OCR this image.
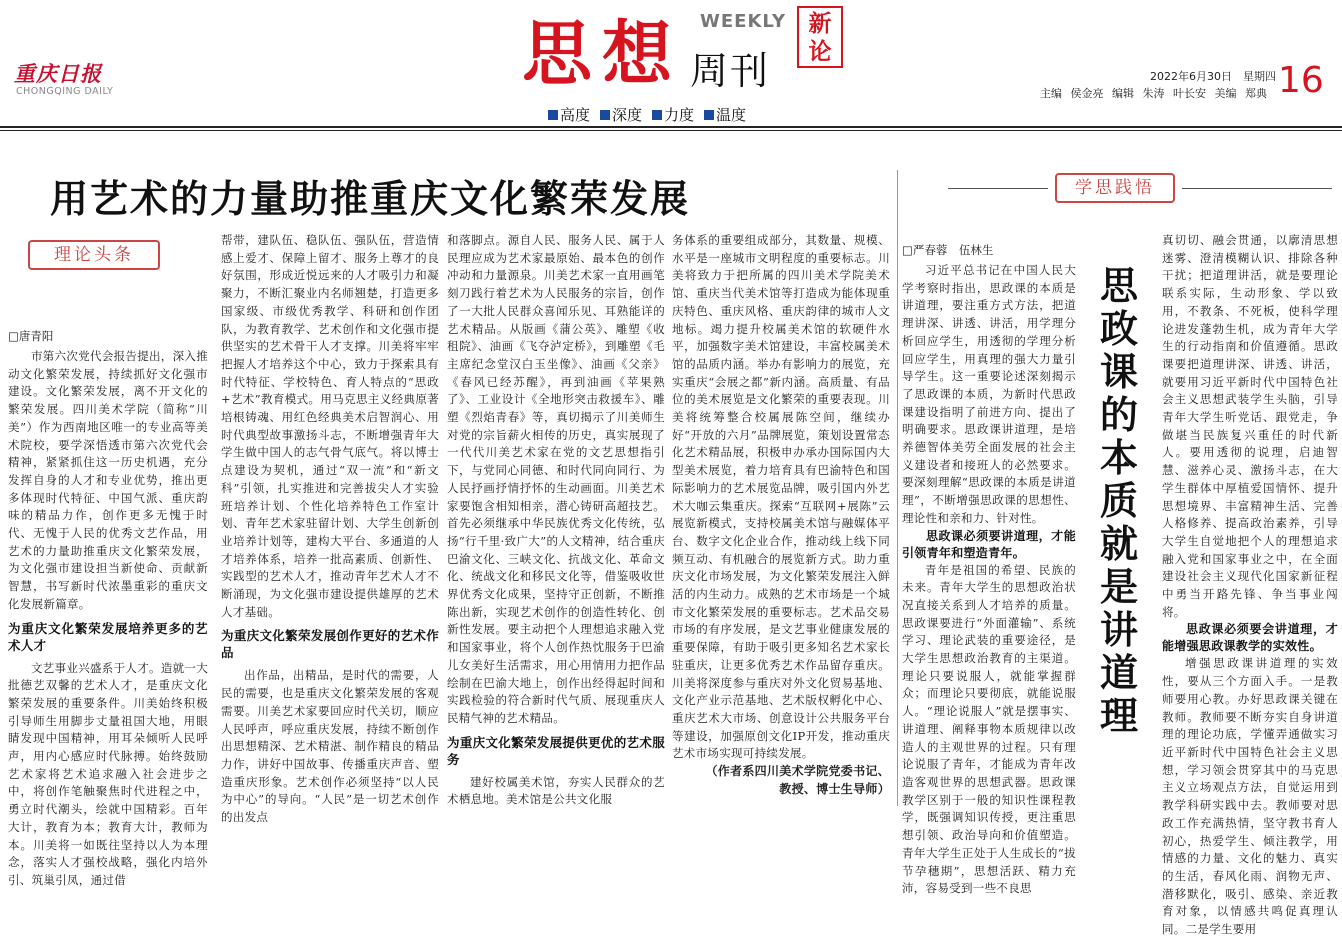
重庆日报
CHONGQING DAILY	思想 WEEKLY
周刊
新论
高度	深度	力度	温度
2022年6月30日　星期四
主编 侯金亮 编辑 朱涛 叶长安 美编 郑典 16
用艺术的力量助推重庆文化繁荣发展
理论头条
□唐青阳

市第六次党代会报告提出，深入推动文化繁荣发展，持续抓好文化强市建设。文化繁荣发展，离不开文化的繁荣发展。四川美术学院（简称“川美”）作为西南地区唯一的专业高等美术院校，要学深悟透市第六次党代会精神，紧紧抓住这一历史机遇，充分发挥自身的人才和专业优势，推出更多体现时代特征、中国气派、重庆韵味的精品力作，创作更多无愧于时代、无愧于人民的优秀文艺作品，用艺术的力量助推重庆文化繁荣发展，为文化强市建设担当新使命、贡献新智慧，书写新时代浓墨重彩的重庆文化发展新篇章。

为重庆文化繁荣发展培养更多的艺术人才

文艺事业兴盛系于人才。造就一大批德艺双馨的艺术人才，是重庆文化繁荣发展的重要条件。川美始终积极引导师生用脚步丈量祖国大地，用眼睛发现中国精神，用耳朵倾听人民呼声，用内心感应时代脉搏。始终鼓励艺术家将艺术追求融入社会进步之中，将创作笔触聚焦时代进程之中，勇立时代潮头，绘就中国精彩。百年大计，教育为本；教育大计，教师为本。川美将一如既往坚持以人为本理念，落实人才强校战略，强化内培外引、筑巢引凤，通过借

帮带，建队伍、稳队伍、强队伍，营造情感上爱才、保障上留才、服务上尊才的良好氛围，形成近悦远来的人才吸引力和凝聚力，不断汇聚业内名师翘楚，打造更多国家级、市级优秀教学、科研和创作团队，为教育教学、艺术创作和文化强市提供坚实的艺术骨干人才支撑。川美将牢牢把握人才培养这个中心，致力于探索具有时代特征、学校特色、育人特点的“思政+艺术”教育模式。用马克思主义经典原著培根铸魂、用红色经典美术启智润心、用时代典型故事激扬斗志，不断增强青年大学生做中国人的志气骨气底气。将以博士点建设为契机，通过“双一流”和“新文科”引领，扎实推进和完善拔尖人才实验班培养计划、个性化培养特色工作室计划、青年艺术家驻留计划、大学生创新创业培养计划等，建构大平台、多通道的人才培养体系，培养一批高素质、创新性、实践型的艺术人才，推动青年艺术人才不断涌现，为文化强市建设提供雄厚的艺术人才基础。

为重庆文化繁荣发展创作更好的艺术作品

出作品，出精品，是时代的需要，人民的需要，也是重庆文化繁荣发展的客观需要。川美艺术家要回应时代关切，顺应人民呼声，呼应重庆发展，持续不断创作出思想精深、艺术精湛、制作精良的精品力作，讲好中国故事、传播重庆声音、塑造重庆形象。艺术创作必须坚持“以人民为中心”的导向。“人民”是一切艺术创作的出发点

和落脚点。源自人民、服务人民、属于人民理应成为艺术家最原始、最本色的创作冲动和力量源泉。川美艺术家一直用画笔刻刀践行着艺术为人民服务的宗旨，创作了一大批人民群众喜闻乐见、耳熟能详的艺术精品。从版画《蒲公英》、雕塑《收租院》、油画《飞夺泸定桥》，到雕塑《毛主席纪念堂汉白玉坐像》、油画《父亲》《春风已经苏醒》，再到油画《苹果熟了》、工业设计《全地形突击救援车》、雕塑《烈焰青春》等，真切揭示了川美师生对党的宗旨薪火相传的历史，真实展现了一代代川美艺术家在党的文艺思想指引下，与党同心同德、和时代同向同行、为人民抒画抒情抒怀的生动画面。川美艺术家要饱含相知相亲，潜心铸研高超技艺。首先必须继承中华民族优秀文化传统，弘扬“行千里·致广大”的人文精神，结合重庆巴渝文化、三峡文化、抗战文化、革命文化、统战文化和移民文化等，借鉴吸收世界优秀文化成果，坚持守正创新，不断推陈出新，实现艺术创作的创造性转化、创新性发展。要主动把个人理想追求融入党和国家事业，将个人创作热忱服务于巴渝儿女美好生活需求，用心用情用力把作品绘制在巴渝大地上，创作出经得起时间和实践检验的符合新时代气质、展现重庆人民精气神的艺术精品。

为重庆文化繁荣发展提供更优的艺术服务

建好校属美术馆，夯实人民群众的艺术栖息地。美术馆是公共文化服

务体系的重要组成部分，其数量、规模、水平是一座城市文明程度的重要标志。川美将致力于把所属的四川美术学院美术馆、重庆当代美术馆等打造成为能体现重庆特色、重庆风格、重庆韵律的城市人文地标。竭力提升校属美术馆的软硬件水平，加强数字美术馆建设，丰富校属美术馆的品质内涵。举办有影响力的展览，充实重庆“会展之都”新内涵。高质量、有品位的美术展览是文化繁荣的重要表现。川美将统筹整合校属展陈空间，继续办好“开放的六月”品牌展览，策划设置常态化艺术精品展，积极申办承办国际国内大型美术展览，着力培育具有巴渝特色和国际影响力的艺术展览品牌，吸引国内外艺术大咖云集重庆。探索“互联网+展陈”云展览新模式，支持校属美术馆与融媒体平台、数字文化企业合作，推动线上线下同频互动、有机融合的展览新方式。助力重庆文化市场发展，为文化繁荣发展注入鲜活的内生动力。成熟的艺术市场是一个城市文化繁荣发展的重要标志。艺术品交易市场的有序发展，是文艺事业健康发展的重要保障，有助于吸引更多知名艺术家长驻重庆，让更多优秀艺术作品留存重庆。川美将深度参与重庆对外文化贸易基地、文化产业示范基地、艺术版权孵化中心、重庆艺术大市场、创意设计公共服务平台等建设，加强原创文化IP开发，推动重庆艺术市场实现可持续发展。

（作者系四川美术学院党委书记、教授、博士生导师）

学思践悟
□严春蓉　伍林生
思政课的本质就是讲道理

习近平总书记在中国人民大学考察时指出，思政课的本质是讲道理，要注重方式方法，把道理讲深、讲透、讲活，用学理分析回应学生，用透彻的学理分析回应学生，用真理的强大力量引导学生。这一重要论述深刻揭示了思政课的本质，为新时代思政课建设指明了前进方向、提出了明确要求。思政课讲道理，是培养德智体美劳全面发展的社会主义建设者和接班人的必然要求。要深刻理解“思政课的本质是讲道理”，不断增强思政课的思想性、理论性和亲和力、针对性。

思政课必须要讲道理，才能引领青年和塑造青年。

青年是祖国的希望、民族的未来。青年大学生的思想政治状况直接关系到人才培养的质量。思政课要进行“外面灌输”、系统学习、理论武装的重要途径，是大学生思想政治教育的主渠道。理论只要说服人，就能掌握群众；而理论只要彻底，就能说服人。“理论说服人”就是摆事实、讲道理、阐释事物本质规律以改造人的主观世界的过程。只有理论说服了青年，才能成为青年改造客观世界的思想武器。思政课教学区别于一般的知识性课程教学，既强调知识传授，更注重思想引领、政治导向和价值塑造。青年大学生正处于人生成长的“拔节孕穗期”，思想活跃、精力充沛，容易受到一些不良思

真切切、融会贯通，以廓清思想迷雾、澄清模糊认识、排除各种干扰；把道理讲活，就是要理论联系实际，生动形象、学以致用，不教条、不死板，使科学理论进发蓬勃生机，成为青年大学生的行动指南和价值遵循。思政课要把道理讲深、讲透、讲活，就要用习近平新时代中国特色社会主义思想武装学生头脑，引导青年大学生听党话、跟党走，争做堪当民族复兴重任的时代新人。要用透彻的说理，启迪智慧、滋养心灵、激扬斗志，在大学生群体中厚植爱国情怀、提升思想境界、丰富精神生活、完善人格修养、提高政治素养，引导大学生自觉地把个人的理想追求融入党和国家事业之中，在全面建设社会主义现代化国家新征程中勇当开路先锋、争当事业闯将。

思政课必须要会讲道理，才能增强思政课教学的实效性。

增强思政课讲道理的实效性，要从三个方面入手。一是教师要用心教。办好思政课关键在教师。教师要不断夯实自身讲道理的理论功底，学懂弄通做实习近平新时代中国特色社会主义思想，学习领会贯穿其中的马克思主义立场观点方法，自觉运用到教学科研实践中去。教师要对思政工作充满热情，坚守教书育人初心，热爱学生、倾注教学，用情感的力量、文化的魅力、真实的生活，春风化雨、润物无声、潜移默化，吸引、感染、亲近教育对象，以情感共鸣促真理认同。二是学生要用
